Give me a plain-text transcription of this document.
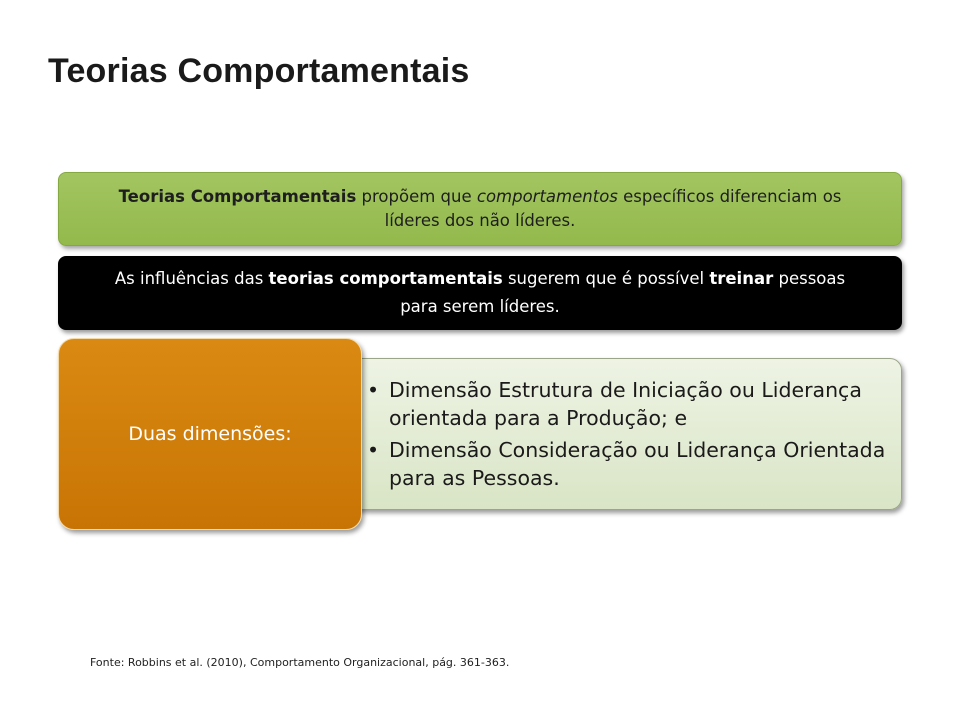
Teorias Comportamentais
Teorias Comportamentais propõem que comportamentos específicos diferenciam os líderes dos não líderes.
As influências das teorias comportamentais sugerem que é possível treinar pessoas para serem líderes.
• Dimensão Estrutura de Iniciação ou Liderança orientada para a Produção; e
• Dimensão Consideração ou Liderança Orientada para as Pessoas.
Duas dimensões:
Fonte: Robbins et al. (2010), Comportamento Organizacional, pág. 361-363.
